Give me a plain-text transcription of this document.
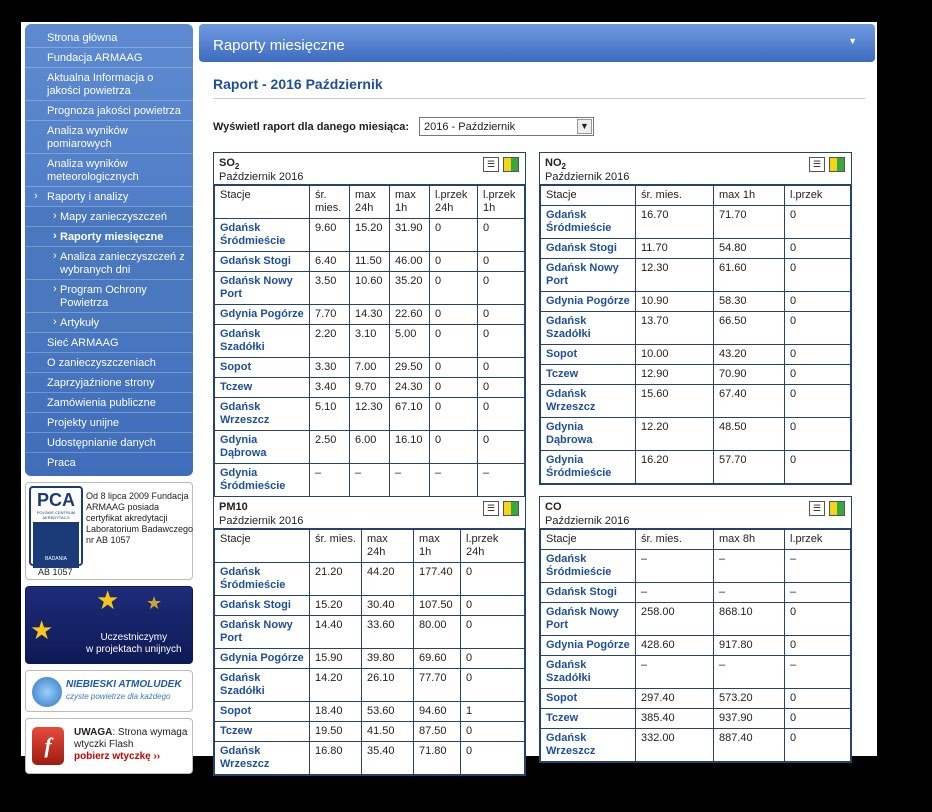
Strona główna
Fundacja ARMAAG
Aktualna Informacja o jakości powietrza
Prognoza jakości powietrza
Analiza wyników pomiarowych
Analiza wyników meteorologicznych
› Raporty i analizy
› Mapy zanieczyszczeń
› Raporty miesięczne
› Analiza zanieczyszczeń z wybranych dni
› Program Ochrony Powietrza
› Artykuły
Sieć ARMAAG
O zanieczyszczeniach
Zaprzyjaźnione strony
Zamówienia publiczne
Projekty unijne
Udostępnianie danych
Praca
PCA
POLSKIE CENTRUM AKREDYTACJI
BADANIA
AB 1057
Od 8 lipca 2009 Fundacja ARMAAG posiada certyfikat akredytacji Laboratorium Badawczego nr AB 1057
★
★
★
Uczestniczymy
w projektach unijnych
NIEBIESKI ATMOLUDEK
czyste powietrze dla każdego
f
UWAGA: Strona wymaga wtyczki Flash
pobierz wtyczkę ››
Raporty miesięczne	▼
Raport - 2016 Październik
Wyświetl raport dla danego miesiąca:	2016 - Październik	▼
$SO_2$
Październik 2016
☰
Stacje	śr. mies.	max 24h	max 1h	l.przek 24h	l.przek 1h
Gdańsk Śródmieście	9.60	15.20	31.90	0	0
Gdańsk Stogi	6.40	11.50	46.00	0	0
Gdańsk Nowy Port	3.50	10.60	35.20	0	0
Gdynia Pogórze	7.70	14.30	22.60	0	0
Gdańsk Szadółki	2.20	3.10	5.00	0	0
Sopot	3.30	7.00	29.50	0	0
Tczew	3.40	9.70	24.30	0	0
Gdańsk Wrzeszcz	5.10	12.30	67.10	0	0
Gdynia Dąbrowa	2.50	6.00	16.10	0	0
Gdynia Śródmieście	–	–	–	–	–
$NO_2$
Październik 2016
☰
Stacje	śr. mies.	max 1h	l.przek
Gdańsk Śródmieście	16.70	71.70	0
Gdańsk Stogi	11.70	54.80	0
Gdańsk Nowy Port	12.30	61.60	0
Gdynia Pogórze	10.90	58.30	0
Gdańsk Szadółki	13.70	66.50	0
Sopot	10.00	43.20	0
Tczew	12.90	70.90	0
Gdańsk Wrzeszcz	15.60	67.40	0
Gdynia Dąbrowa	12.20	48.50	0
Gdynia Śródmieście	16.20	57.70	0
PM10
Październik 2016
☰
Stacje	śr. mies.	max 24h	max 1h	l.przek 24h
Gdańsk Śródmieście	21.20	44.20	177.40	0
Gdańsk Stogi	15.20	30.40	107.50	0
Gdańsk Nowy Port	14.40	33.60	80.00	0
Gdynia Pogórze	15.90	39.80	69.60	0
Gdańsk Szadółki	14.20	26.10	77.70	0
Sopot	18.40	53.60	94.60	1
Tczew	19.50	41.50	87.50	0
Gdańsk Wrzeszcz	16.80	35.40	71.80	0
CO
Październik 2016
☰
Stacje	śr. mies.	max 8h	l.przek
Gdańsk Śródmieście	–	–	–
Gdańsk Stogi	–	–	–
Gdańsk Nowy Port	258.00	868.10	0
Gdynia Pogórze	428.60	917.80	0
Gdańsk Szadółki	–	–	–
Sopot	297.40	573.20	0
Tczew	385.40	937.90	0
Gdańsk Wrzeszcz	332.00	887.40	0
